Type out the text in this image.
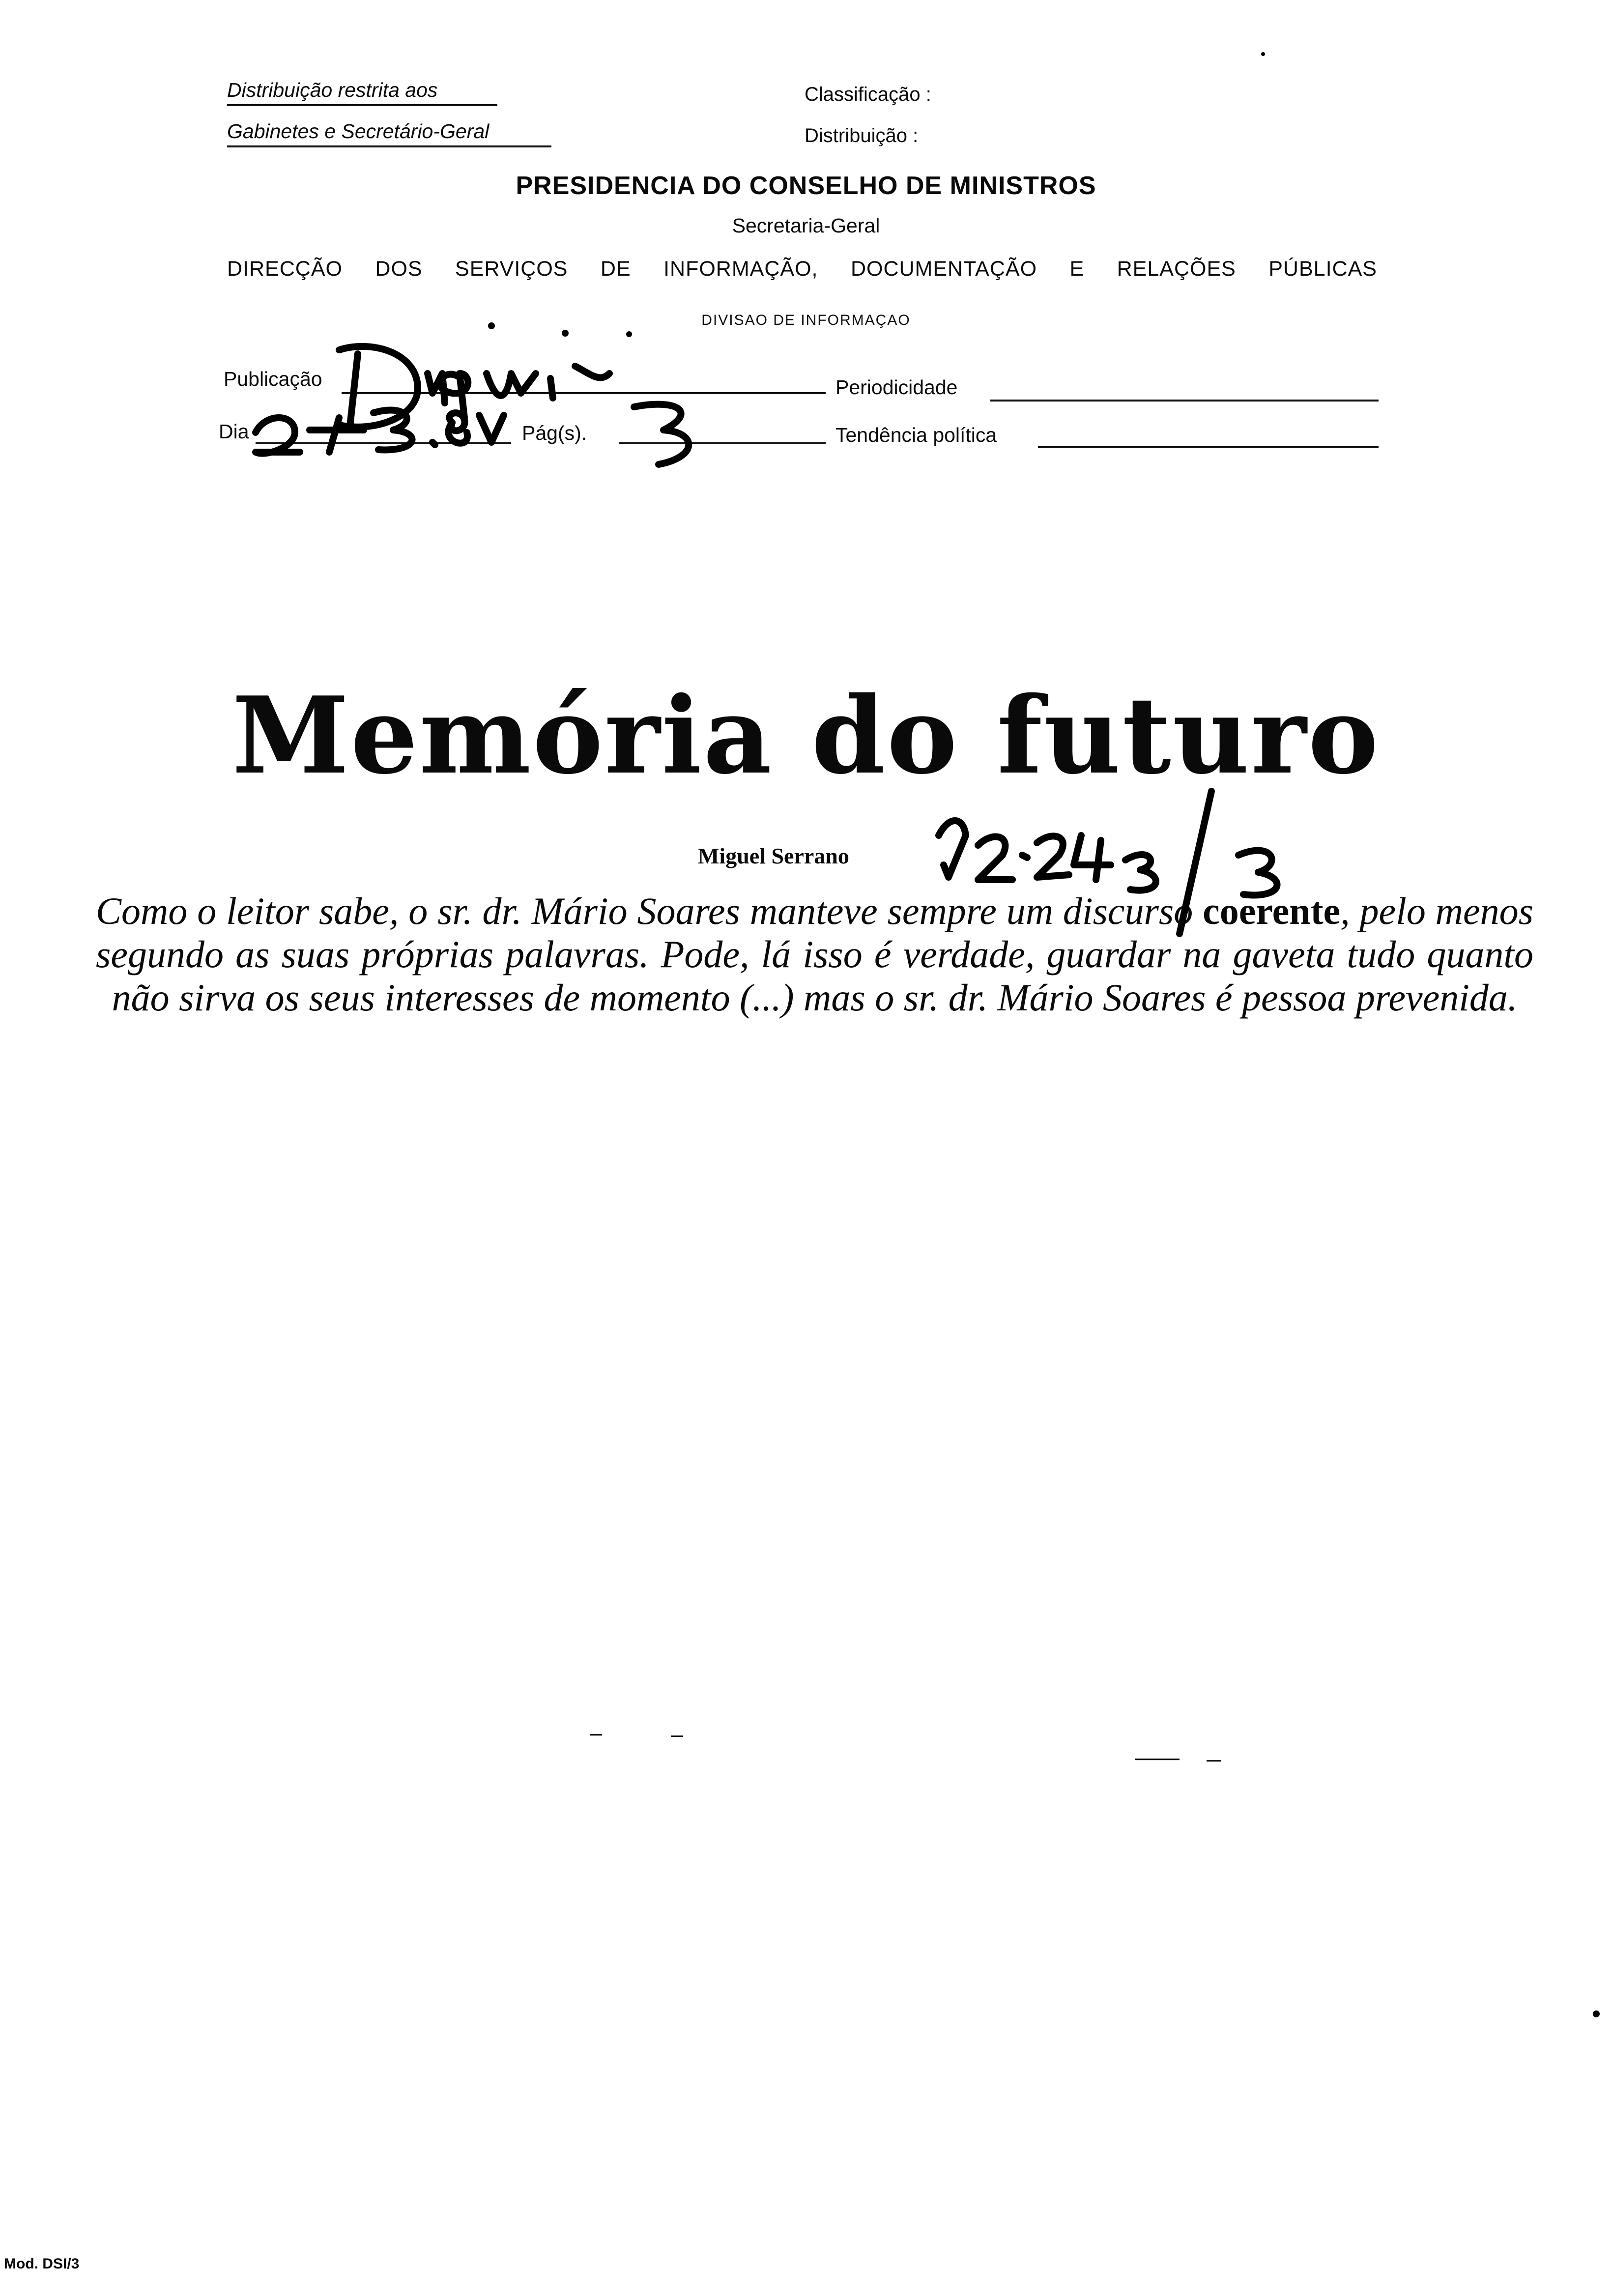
Distribuição restrita aos
Gabinetes e Secretário-Geral
Classificação :
Distribuição :
PRESIDENCIA DO CONSELHO DE MINISTROS
Secretaria-Geral
DIRECÇÃO DOS SERVIÇOS DE INFORMAÇÃO, DOCUMENTAÇÃO E RELAÇÕES PÚBLICAS
DIVISAO DE INFORMAÇAO
Publicação	Periodicidade
Dia	Pág(s).	Tendência política
Memória do futuro
Miguel Serrano
Como o leitor sabe, o sr. dr. Mário Soares manteve sempre um discurso coerente, pelo menos segundo as suas próprias palavras. Pode, lá isso é verdade, guardar na gaveta tudo quanto não sirva os seus interesses de momento (...) mas o sr. dr. Mário Soares é pessoa prevenida.
Mod. DSI/3
